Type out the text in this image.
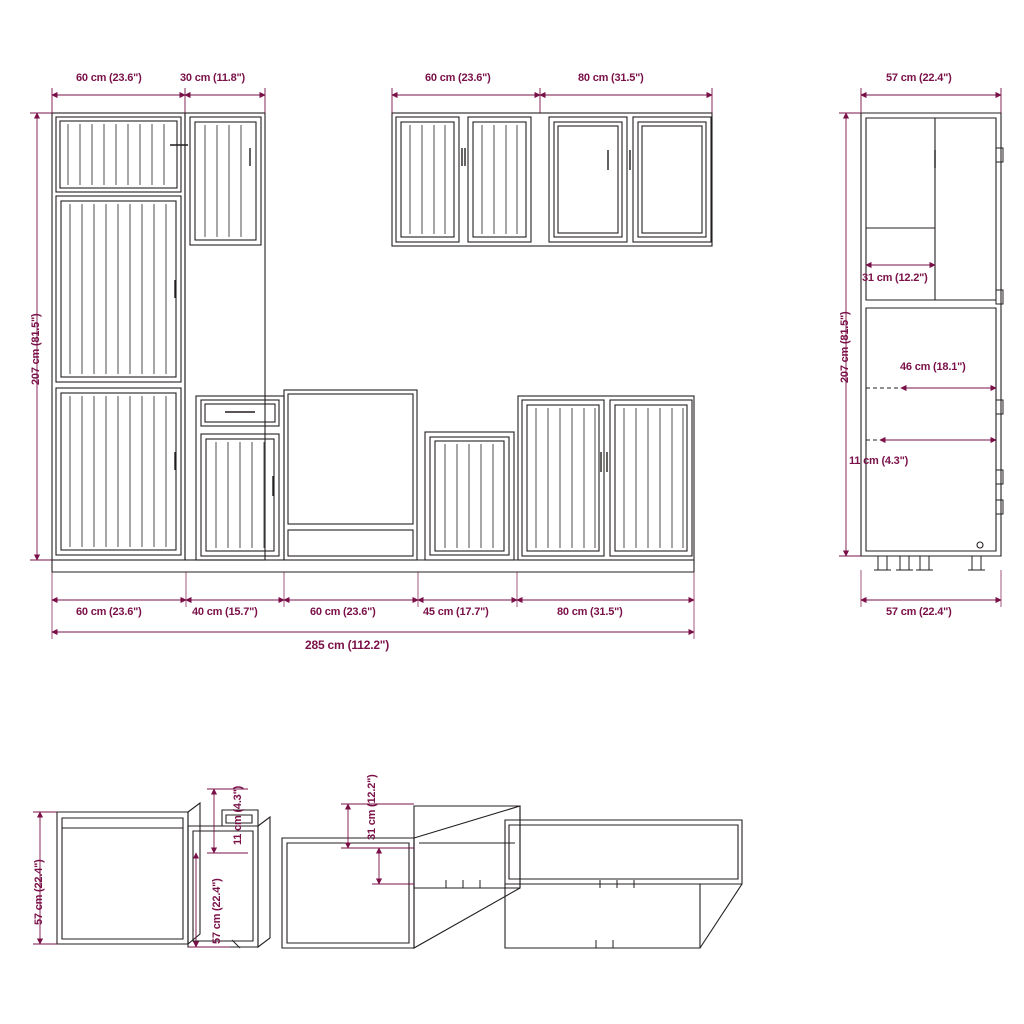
60 cm (23.6")	30 cm (11.8")	60 cm (23.6")	80 cm (31.5")
207 cm (81.5")
60 cm (23.6")	40 cm (15.7")	60 cm (23.6")	45 cm (17.7")	80 cm (31.5")
285 cm (112.2")
57 cm (22.4")
207 cm (81.5")
31 cm (12.2")
46 cm (18.1")
11 cm (4.3")
57 cm (22.4")
57 cm (22.4")
11 cm (4.3")
57 cm (22.4")
31 cm (12.2")
